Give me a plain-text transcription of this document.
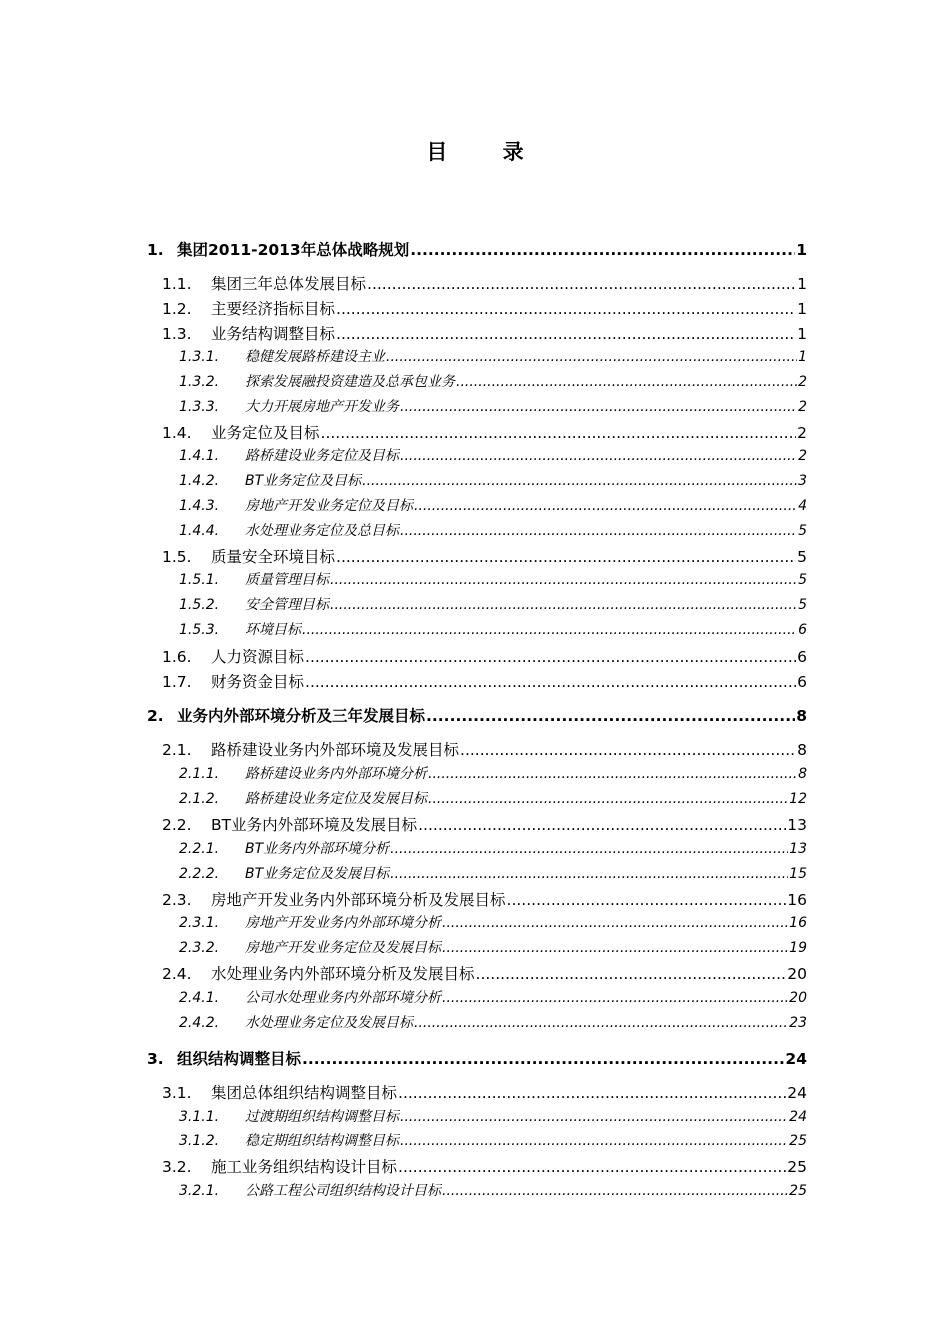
目 录
1. 集团2011-2013年总体战略规划 .....	1
1.1.	集团三年总体发展目标 .....	1
1.2.	主要经济指标目标 .....	1
1.3.	业务结构调整目标 .....	1
1.3.1.	稳健发展路桥建设主业 .....	1
1.3.2.	探索发展融投资建造及总承包业务 .....	2
1.3.3.	大力开展房地产开发业务 .....	2
1.4.	业务定位及目标 .....	2
1.4.1.	路桥建设业务定位及目标 .....	2
1.4.2.	BT业务定位及目标 .....	3
1.4.3.	房地产开发业务定位及目标 .....	4
1.4.4.	水处理业务定位及总目标 .....	5
1.5.	质量安全环境目标 .....	5
1.5.1.	质量管理目标 .....	5
1.5.2.	安全管理目标 .....	5
1.5.3.	环境目标 .....	6
1.6.	人力资源目标 .....	6
1.7.	财务资金目标 .....	6
2. 业务内外部环境分析及三年发展目标 .....	8
2.1.	路桥建设业务内外部环境及发展目标 .....	8
2.1.1.	路桥建设业务内外部环境分析 .....	8
2.1.2.	路桥建设业务定位及发展目标 .....	12
2.2.	BT业务内外部环境及发展目标 .....	13
2.2.1.	BT业务内外部环境分析 .....	13
2.2.2.	BT业务定位及发展目标 .....	15
2.3.	房地产开发业务内外部环境分析及发展目标 .....	16
2.3.1.	房地产开发业务内外部环境分析 .....	16
2.3.2.	房地产开发业务定位及发展目标 .....	19
2.4.	水处理业务内外部环境分析及发展目标 .....	20
2.4.1.	公司水处理业务内外部环境分析 .....	20
2.4.2.	水处理业务定位及发展目标 .....	23
3. 组织结构调整目标 .....	24
3.1.	集团总体组织结构调整目标 .....	24
3.1.1.	过渡期组织结构调整目标 .....	24
3.1.2.	稳定期组织结构调整目标 .....	25
3.2.	施工业务组织结构设计目标 .....	25
3.2.1.	公路工程公司组织结构设计目标 .....	25
